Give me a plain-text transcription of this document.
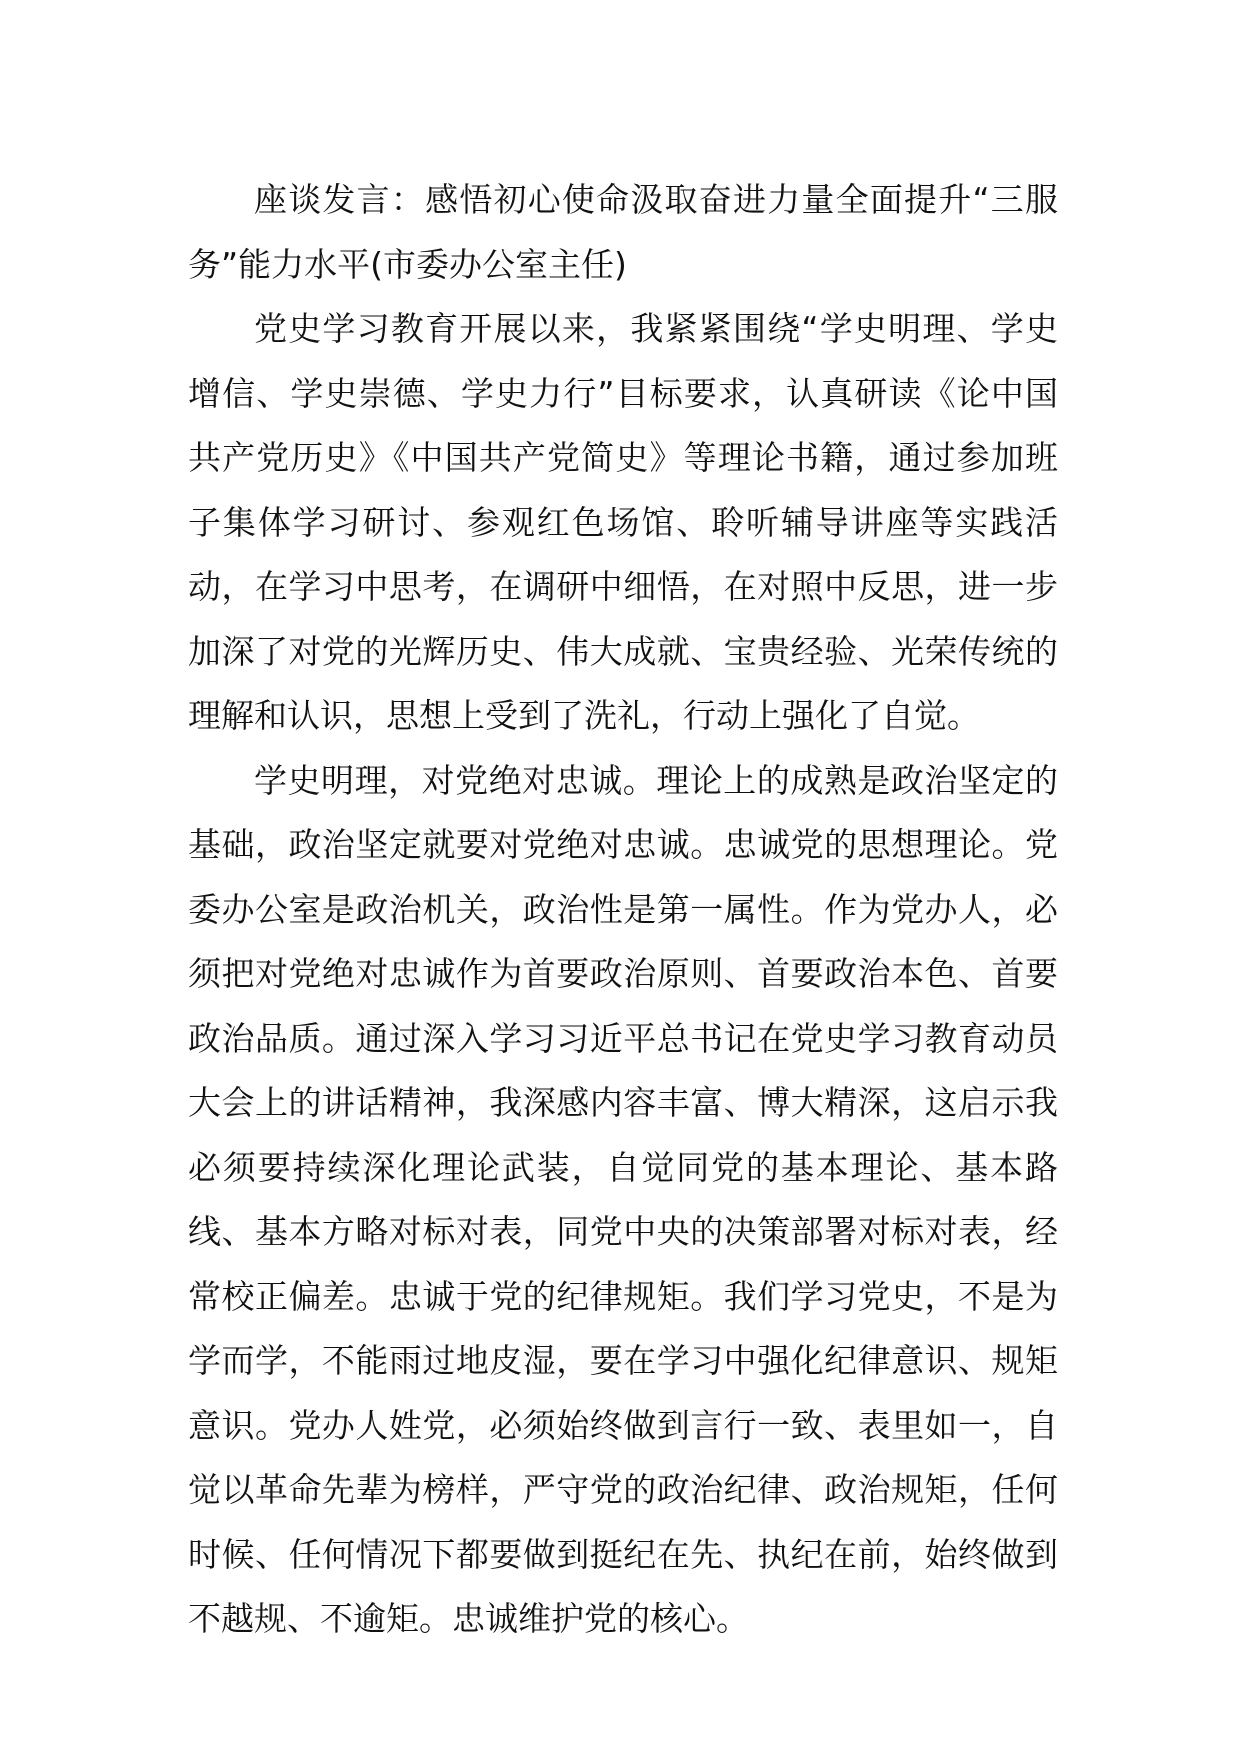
座谈发言：感悟初心使命汲取奋进力量全面提升“三服务”能力水平(市委办公室主任)

党史学习教育开展以来，我紧紧围绕“学史明理、学史增信、学史崇德、学史力行”目标要求，认真研读《论中国共产党历史》《中国共产党简史》等理论书籍，通过参加班子集体学习研讨、参观红色场馆、聆听辅导讲座等实践活动，在学习中思考，在调研中细悟，在对照中反思，进一步加深了对党的光辉历史、伟大成就、宝贵经验、光荣传统的理解和认识，思想上受到了洗礼，行动上强化了自觉。

学史明理，对党绝对忠诚。理论上的成熟是政治坚定的基础，政治坚定就要对党绝对忠诚。忠诚党的思想理论。党委办公室是政治机关，政治性是第一属性。作为党办人，必须把对党绝对忠诚作为首要政治原则、首要政治本色、首要政治品质。通过深入学习习近平总书记在党史学习教育动员大会上的讲话精神，我深感内容丰富、博大精深，这启示我必须要持续深化理论武装，自觉同党的基本理论、基本路线、基本方略对标对表，同党中央的决策部署对标对表，经常校正偏差。忠诚于党的纪律规矩。我们学习党史，不是为学而学，不能雨过地皮湿，要在学习中强化纪律意识、规矩意识。党办人姓党，必须始终做到言行一致、表里如一，自觉以革命先辈为榜样，严守党的政治纪律、政治规矩，任何时候、任何情况下都要做到挺纪在先、执纪在前，始终做到不越规、不逾矩。忠诚维护党的核心。
